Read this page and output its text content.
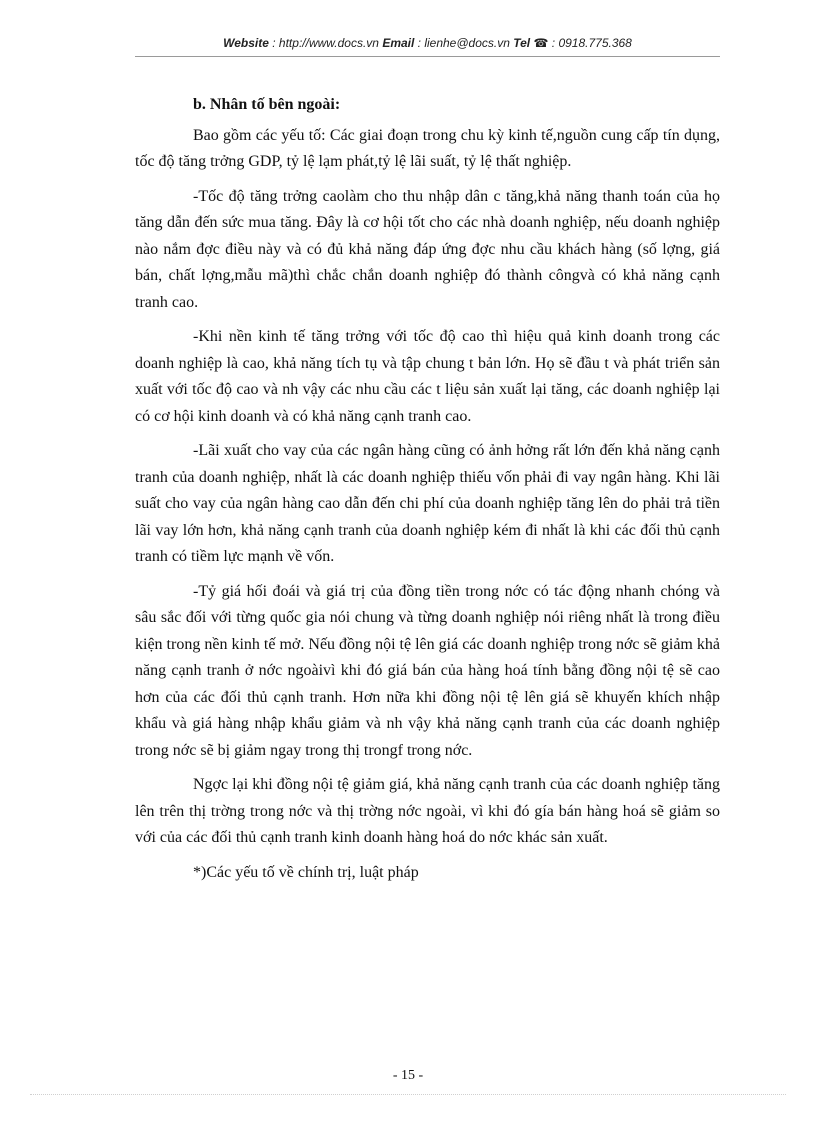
Website : http://www.docs.vn Email : lienhe@docs.vn Tel ☎ : 0918.775.368
b. Nhân tố bên ngoài:

Bao gồm các yếu tố: Các giai đoạn trong chu kỳ kinh tế,nguồn cung cấp tín dụng, tốc độ tăng trởng GDP, tỷ lệ lạm phát,tỷ lệ lãi suất, tỷ lệ thất nghiệp.

-Tốc độ tăng trởng caolàm cho thu nhập dân c tăng,khả năng thanh toán của họ tăng dẫn đến sức mua tăng. Đây là cơ hội tốt cho các nhà doanh nghiệp, nếu doanh nghiệp nào nắm đợc điều này và có đủ khả năng đáp ứng đợc nhu cầu khách hàng (số lợng, giá bán, chất lợng,mẫu mã)thì chắc chắn doanh nghiệp đó thành côngvà có khả năng cạnh tranh cao.

-Khi nền kinh tế tăng trởng với tốc độ cao thì hiệu quả kinh doanh trong các doanh nghiệp là cao, khả năng tích tụ và tập chung t bản lớn. Họ sẽ đầu t và phát triển sản xuất với tốc độ cao và nh vậy các nhu cầu các t liệu sản xuất lại tăng, các doanh nghiệp lại có cơ hội kinh doanh và có khả năng cạnh tranh cao.

-Lãi xuất cho vay của các ngân hàng cũng có ảnh hởng rất lớn đến khả năng cạnh tranh của doanh nghiệp, nhất là các doanh nghiệp thiếu vốn phải đi vay ngân hàng. Khi lãi suất cho vay của ngân hàng cao dẫn đến chi phí của doanh nghiệp tăng lên do phải trả tiền lãi vay lớn hơn, khả năng cạnh tranh của doanh nghiệp kém đi nhất là khi các đối thủ cạnh tranh có tiềm lực mạnh về vốn.

-Tỷ giá hối đoái và giá trị của đồng tiền trong nớc có tác động nhanh chóng và sâu sắc đối với từng quốc gia nói chung và từng doanh nghiệp nói riêng nhất là trong điều kiện trong nền kinh tế mở. Nếu đồng nội tệ lên giá các doanh nghiệp trong nớc sẽ giảm khả năng cạnh tranh ở nớc ngoàivì khi đó giá bán của hàng hoá tính bằng đồng nội tệ sẽ cao hơn của các đối thủ cạnh tranh. Hơn nữa khi đồng nội tệ lên giá sẽ khuyến khích nhập khẩu và giá hàng nhập khẩu giảm và nh vậy khả năng cạnh tranh của các doanh nghiệp trong nớc sẽ bị giảm ngay trong thị trongf trong nớc.

Ngợc lại khi đồng nội tệ giảm giá, khả năng cạnh tranh của các doanh nghiệp tăng lên trên thị trờng trong nớc và thị trờng nớc ngoài, vì khi đó gía bán hàng hoá sẽ giảm so với của các đối thủ cạnh tranh kinh doanh hàng hoá do nớc khác sản xuất.

*)Các yếu tố về chính trị, luật pháp

- 15 -
